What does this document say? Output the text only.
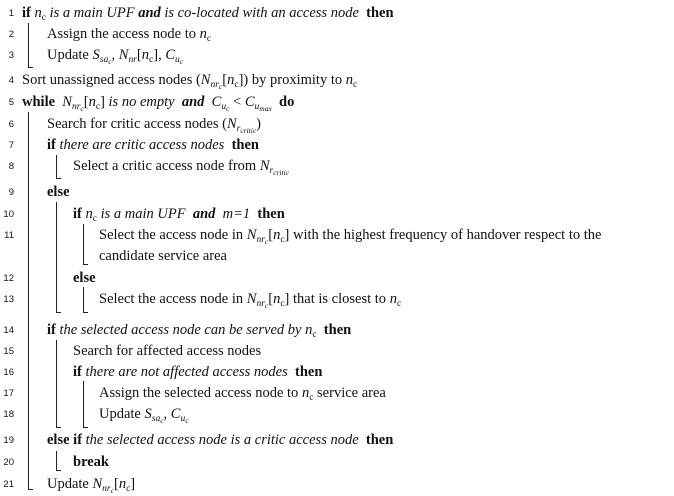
1
2
3
4
5
6
7
8
9
10
11
12
13
14
15
16
17
18
19
20
21
if $n_c$ is a main UPF and is co-located with an access node then
Assign the access node to $n_c$
Update $S_{sa_c}$, $N_{nr}[n_c]$, $C_{u_c}$
Sort unassigned access nodes $(N_{nr_c}[n_c])$ by proximity to $n_c$
while $N_{nr_c}[n_c]$ is no empty and $C_{u_c} < C_{u_{max}}$ do
Search for critic access nodes $(N_{r_{critic}})$
if there are critic access nodes then
Select a critic access node from $N_{r_{critic}}$
else
if $n_c$ is a main UPF and m=1 then
Select the access node in $N_{nr_c}[n_c]$ with the highest frequency of handover respect to the
candidate service area
else
Select the access node in $N_{nr_c}[n_c]$ that is closest to $n_c$
if the selected access node can be served by $n_c$ then
Search for affected access nodes
if there are not affected access nodes then
Assign the selected access node to $n_c$ service area
Update $S_{sa_c}$, $C_{u_c}$
else if the selected access node is a critic access node then
break
Update $N_{nr_c}[n_c]$
